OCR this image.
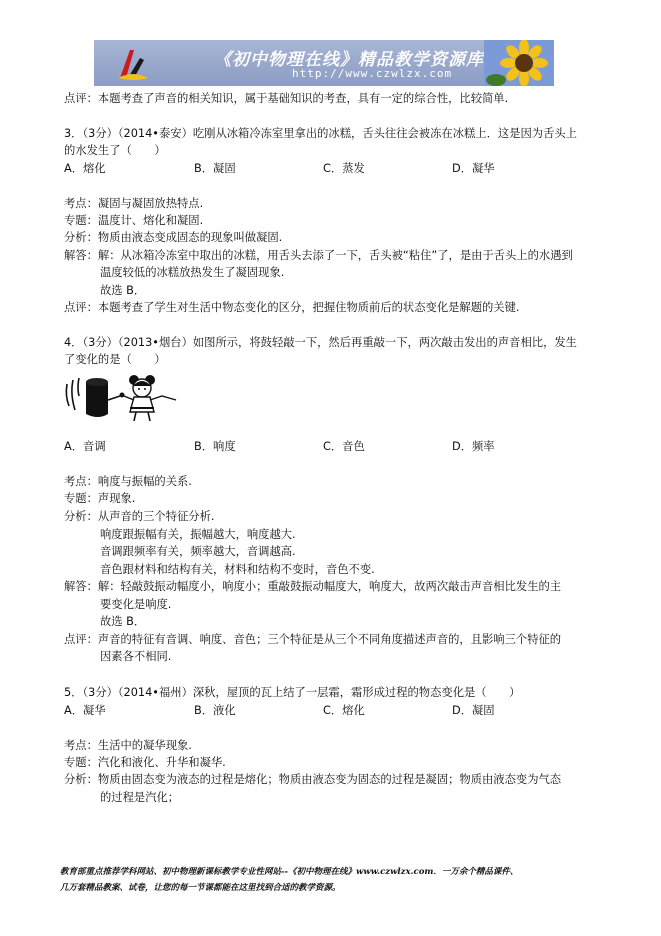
《初中物理在线》精品教学资源库
http://www.czwlzx.com
点评：本题考查了声音的相关知识，属于基础知识的考查，具有一定的综合性，比较简单.
3．（3分）（2014•泰安）吃刚从冰箱冷冻室里拿出的冰糕，舌头往往会被冻在冰糕上．这是因为舌头上
的水发生了（　　）
A．熔化	B．凝固	C．蒸发	D．凝华
考点：凝固与凝固放热特点.
专题：温度计、熔化和凝固.
分析：物质由液态变成固态的现象叫做凝固.
解答：解：从冰箱冷冻室中取出的冰糕，用舌头去添了一下，舌头被“粘住”了，是由于舌头上的水遇到
温度较低的冰糕放热发生了凝固现象.
故选 B．
点评：本题考查了学生对生活中物态变化的区分，把握住物质前后的状态变化是解题的关键.
4．（3分）（2013•烟台）如图所示，将鼓轻敲一下，然后再重敲一下，两次敲击发出的声音相比，发生
了变化的是（　　）
A．音调	B．响度	C．音色	D．频率
考点：响度与振幅的关系.
专题：声现象.
分析：从声音的三个特征分析.
响度跟振幅有关，振幅越大，响度越大.
音调跟频率有关，频率越大，音调越高.
音色跟材料和结构有关，材料和结构不变时，音色不变.
解答：解：轻敲鼓振动幅度小，响度小；重敲鼓振动幅度大，响度大，故两次敲击声音相比发生的主
要变化是响度.
故选 B．
点评：声音的特征有音调、响度、音色；三个特征是从三个不同角度描述声音的，且影响三个特征的
因素各不相同.
5．（3分）（2014•福州）深秋，屋顶的瓦上结了一层霜，霜形成过程的物态变化是（　　）
A．凝华	B．液化	C．熔化	D．凝固
考点：生活中的凝华现象.
专题：汽化和液化、升华和凝华.
分析：物质由固态变为液态的过程是熔化；物质由液态变为固态的过程是凝固；物质由液态变为气态
的过程是汽化；
教育部重点推荐学科网站、初中物理新课标教学专业性网站--《初中物理在线》www.czwlzx.com．一万余个精品课件、
几万套精品教案、试卷，让您的每一节课都能在这里找到合适的教学资源。
